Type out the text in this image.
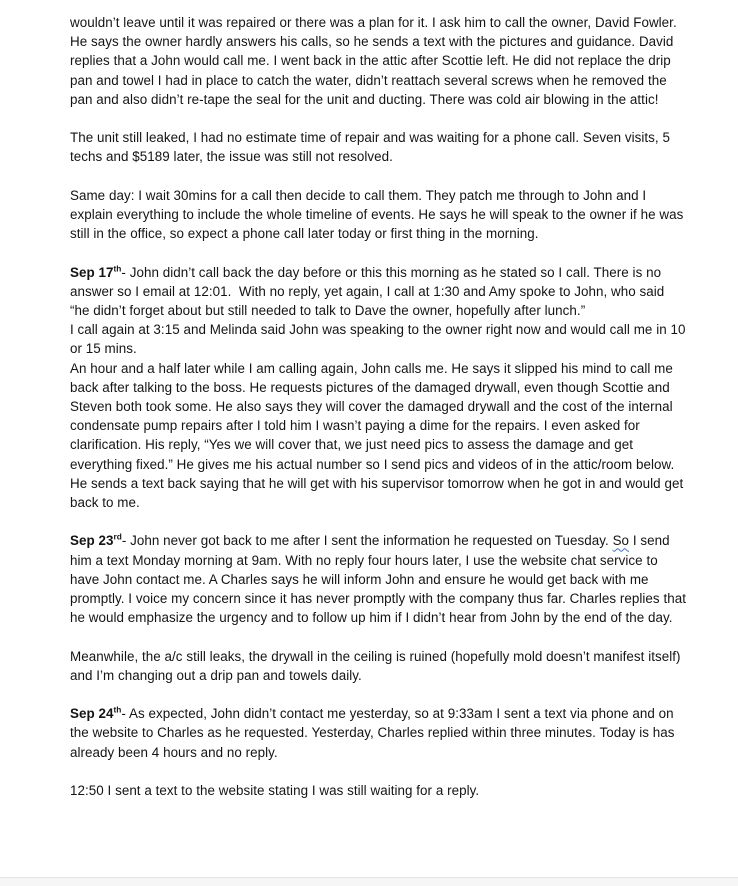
wouldn’t leave until it was repaired or there was a plan for it. I ask him to call the owner, David Fowler. He says the owner hardly answers his calls, so he sends a text with the pictures and guidance. David replies that a John would call me. I went back in the attic after Scottie left. He did not replace the drip pan and towel I had in place to catch the water, didn’t reattach several screws when he removed the pan and also didn’t re-tape the seal for the unit and ducting. There was cold air blowing in the attic!

The unit still leaked, I had no estimate time of repair and was waiting for a phone call. Seven visits, 5 techs and $5189 later, the issue was still not resolved.

Same day: I wait 30mins for a call then decide to call them. They patch me through to John and I explain everything to include the whole timeline of events. He says he will speak to the owner if he was still in the office, so expect a phone call later today or first thing in the morning.

Sep 17th- John didn’t call back the day before or this this morning as he stated so I call. There is no answer so I email at 12:01.  With no reply, yet again, I call at 1:30 and Amy spoke to John, who said “he didn’t forget about but still needed to talk to Dave the owner, hopefully after lunch.”

I call again at 3:15 and Melinda said John was speaking to the owner right now and would call me in 10 or 15 mins.

An hour and a half later while I am calling again, John calls me. He says it slipped his mind to call me back after talking to the boss. He requests pictures of the damaged drywall, even though Scottie and Steven both took some. He also says they will cover the damaged drywall and the cost of the internal condensate pump repairs after I told him I wasn’t paying a dime for the repairs. I even asked for clarification. His reply, “Yes we will cover that, we just need pics to assess the damage and get everything fixed.” He gives me his actual number so I send pics and videos of in the attic/room below. He sends a text back saying that he will get with his supervisor tomorrow when he got in and would get back to me.

Sep 23rd- John never got back to me after I sent the information he requested on Tuesday. So I send him a text Monday morning at 9am. With no reply four hours later, I use the website chat service to have John contact me. A Charles says he will inform John and ensure he would get back with me promptly. I voice my concern since it has never promptly with the company thus far. Charles replies that he would emphasize the urgency and to follow up him if I didn’t hear from John by the end of the day.

Meanwhile, the a/c still leaks, the drywall in the ceiling is ruined (hopefully mold doesn’t manifest itself) and I’m changing out a drip pan and towels daily.

Sep 24th- As expected, John didn’t contact me yesterday, so at 9:33am I sent a text via phone and on the website to Charles as he requested. Yesterday, Charles replied within three minutes. Today is has already been 4 hours and no reply.

12:50 I sent a text to the website stating I was still waiting for a reply.
